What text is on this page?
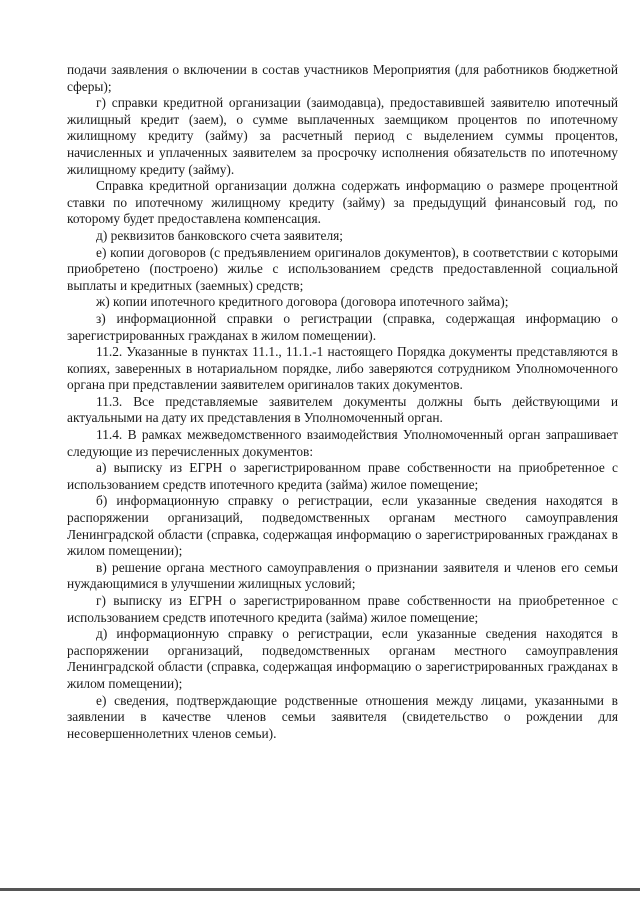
подачи заявления о включении в состав участников Мероприятия (для работников бюджетной сферы);

г) справки кредитной организации (заимодавца), предоставившей заявителю ипотечный жилищный кредит (заем), о сумме выплаченных заемщиком процентов по ипотечному жилищному кредиту (займу) за расчетный период с выделением суммы процентов, начисленных и уплаченных заявителем за просрочку исполнения обязательств по ипотечному жилищному кредиту (займу).

Справка кредитной организации должна содержать информацию о размере процентной ставки по ипотечному жилищному кредиту (займу) за предыдущий финансовый год, по которому будет предоставлена компенсация.

д) реквизитов банковского счета заявителя;

е) копии договоров (с предъявлением оригиналов документов), в соответствии с которыми приобретено (построено) жилье с использованием средств предоставленной социальной выплаты и кредитных (заемных) средств;

ж) копии ипотечного кредитного договора (договора ипотечного займа);

з) информационной справки о регистрации (справка, содержащая информацию о зарегистрированных гражданах в жилом помещении).

11.2. Указанные в пунктах 11.1., 11.1.-1 настоящего Порядка документы представляются в копиях, заверенных в нотариальном порядке, либо заверяются сотрудником Уполномоченного органа при представлении заявителем оригиналов таких документов.

11.3. Все представляемые заявителем документы должны быть действующими и актуальными на дату их представления в Уполномоченный орган.

11.4. В рамках межведомственного взаимодействия Уполномоченный орган запрашивает следующие из перечисленных документов:

а) выписку из ЕГРН о зарегистрированном праве собственности на приобретенное с использованием средств ипотечного кредита (займа) жилое помещение;

б) информационную справку о регистрации, если указанные сведения находятся в распоряжении организаций, подведомственных органам местного самоуправления Ленинградской области (справка, содержащая информацию о зарегистрированных гражданах в жилом помещении);

в) решение органа местного самоуправления о признании заявителя и членов его семьи нуждающимися в улучшении жилищных условий;

г) выписку из ЕГРН о зарегистрированном праве собственности на приобретенное с использованием средств ипотечного кредита (займа) жилое помещение;

д) информационную справку о регистрации, если указанные сведения находятся в распоряжении организаций, подведомственных органам местного самоуправления Ленинградской области (справка, содержащая информацию о зарегистрированных гражданах в жилом помещении);

е) сведения, подтверждающие родственные отношения между лицами, указанными в заявлении в качестве членов семьи заявителя (свидетельство о рождении для несовершеннолетних членов семьи).
